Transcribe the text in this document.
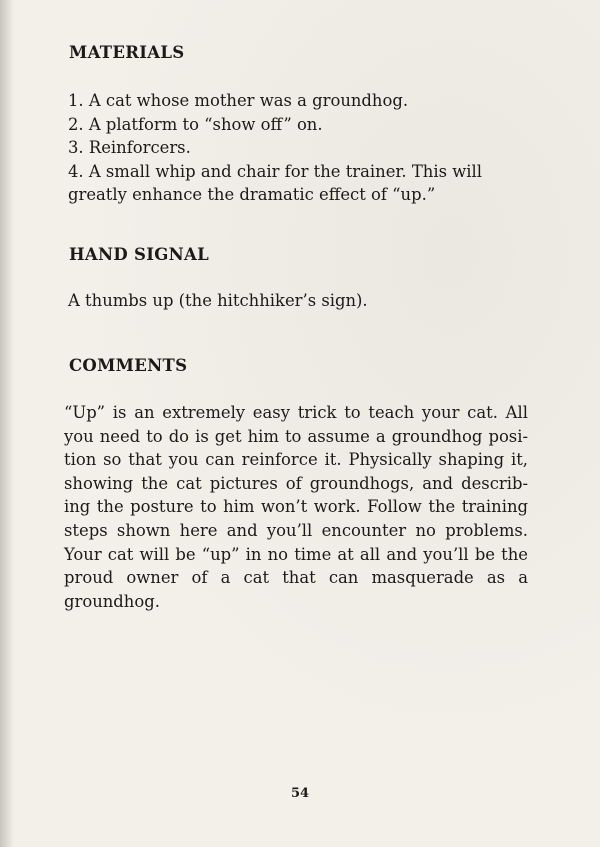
MATERIALS
1. A cat whose mother was a groundhog.
2. A platform to “show off” on.
3. Reinforcers.
4. A small whip and chair for the trainer. This will
greatly enhance the dramatic effect of “up.”
HAND SIGNAL

A thumbs up (the hitchhiker’s sign).

COMMENTS
“Up” is an extremely easy trick to teach your cat. All
you need to do is get him to assume a groundhog posi-
tion so that you can reinforce it. Physically shaping it,
showing the cat pictures of groundhogs, and describ-
ing the posture to him won’t work. Follow the training
steps shown here and you’ll encounter no problems.
Your cat will be “up” in no time at all and you’ll be the
proud owner of a cat that can masquerade as a
groundhog.
54
